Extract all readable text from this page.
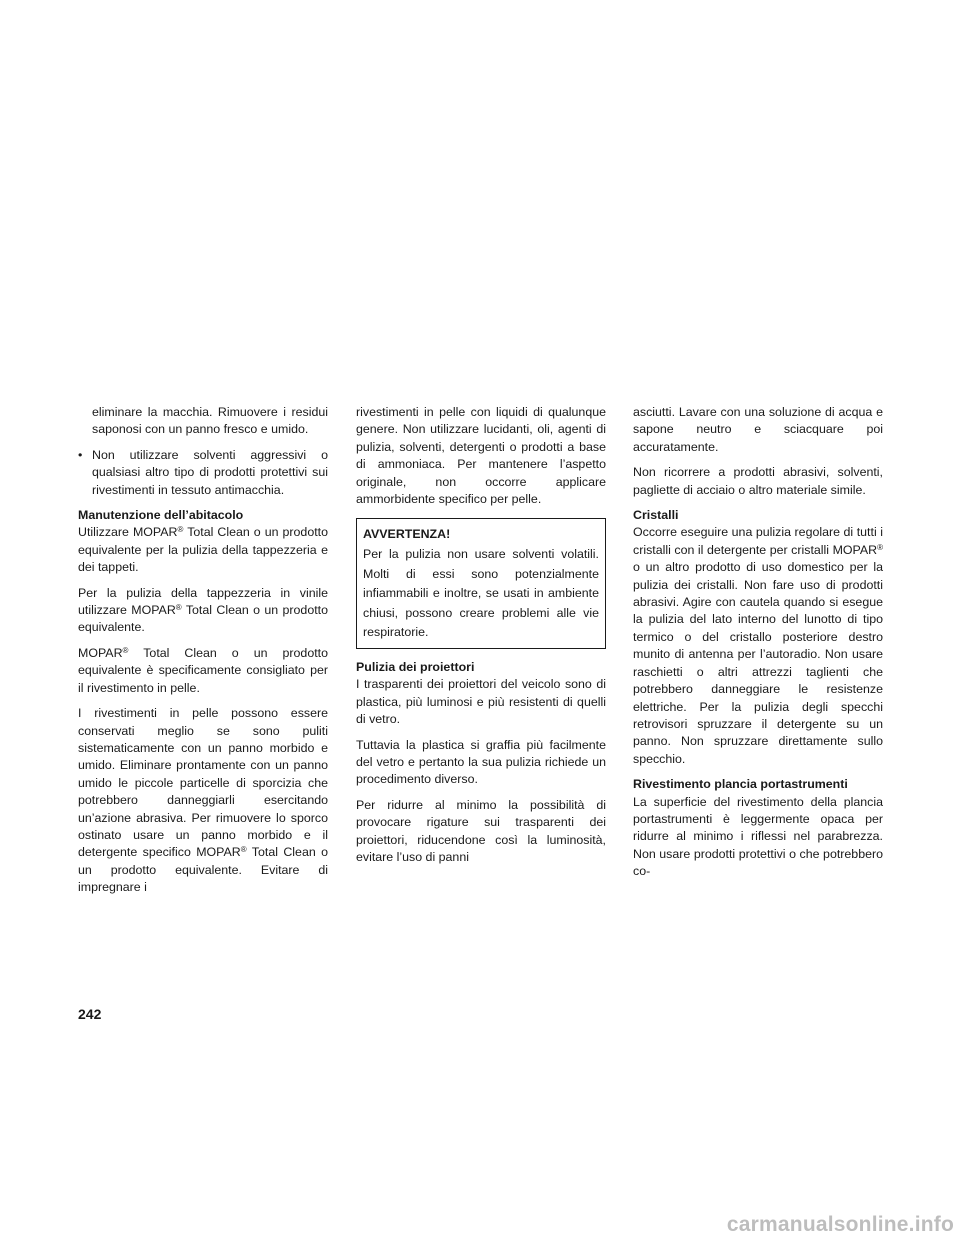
eliminare la macchia. Rimuovere i residui saponosi con un panno fresco e umido.

• Non utilizzare solventi aggressivi o qualsiasi altro tipo di prodotti protettivi sui rivestimenti in tessuto antimacchia.
Manutenzione dell’abitacolo

Utilizzare MOPAR® Total Clean o un prodotto equivalente per la pulizia della tappezzeria e dei tappeti.

Per la pulizia della tappezzeria in vinile utilizzare MOPAR® Total Clean o un prodotto equivalente.

MOPAR® Total Clean o un prodotto equivalente è specificamente consigliato per il rivestimento in pelle.

I rivestimenti in pelle possono essere conservati meglio se sono puliti sistematicamente con un panno morbido e umido. Eliminare prontamente con un panno umido le piccole particelle di sporcizia che potrebbero danneggiarli esercitando un’azione abrasiva. Per rimuovere lo sporco ostinato usare un panno morbido e il detergente specifico MOPAR® Total Clean o un prodotto equivalente. Evitare di impregnare i

rivestimenti in pelle con liquidi di qualunque genere. Non utilizzare lucidanti, oli, agenti di pulizia, solventi, detergenti o prodotti a base di ammoniaca. Per mantenere l’aspetto originale, non occorre applicare ammorbidente specifico per pelle.

AVVERTENZA!
Per la pulizia non usare solventi volatili. Molti di essi sono potenzialmente infiammabili e inoltre, se usati in ambiente chiusi, possono creare problemi alle vie respiratorie.
Pulizia dei proiettori

I trasparenti dei proiettori del veicolo sono di plastica, più luminosi e più resistenti di quelli di vetro.

Tuttavia la plastica si graffia più facilmente del vetro e pertanto la sua pulizia richiede un procedimento diverso.

Per ridurre al minimo la possibilità di provocare rigature sui trasparenti dei proiettori, riducendone così la luminosità, evitare l’uso di panni

asciutti. Lavare con una soluzione di acqua e sapone neutro e sciacquare poi accuratamente.

Non ricorrere a prodotti abrasivi, solventi, pagliette di acciaio o altro materiale simile.

Cristalli

Occorre eseguire una pulizia regolare di tutti i cristalli con il detergente per cristalli MOPAR® o un altro prodotto di uso domestico per la pulizia dei cristalli. Non fare uso di prodotti abrasivi. Agire con cautela quando si esegue la pulizia del lato interno del lunotto di tipo termico o del cristallo posteriore destro munito di antenna per l’autoradio. Non usare raschietti o altri attrezzi taglienti che potrebbero danneggiare le resistenze elettriche. Per la pulizia degli specchi retrovisori spruzzare il detergente su un panno. Non spruzzare direttamente sullo specchio.

Rivestimento plancia portastrumenti

La superficie del rivestimento della plancia portastrumenti è leggermente opaca per ridurre al minimo i riflessi nel parabrezza. Non usare prodotti protettivi o che potrebbero co-

242
carmanualsonline.info
